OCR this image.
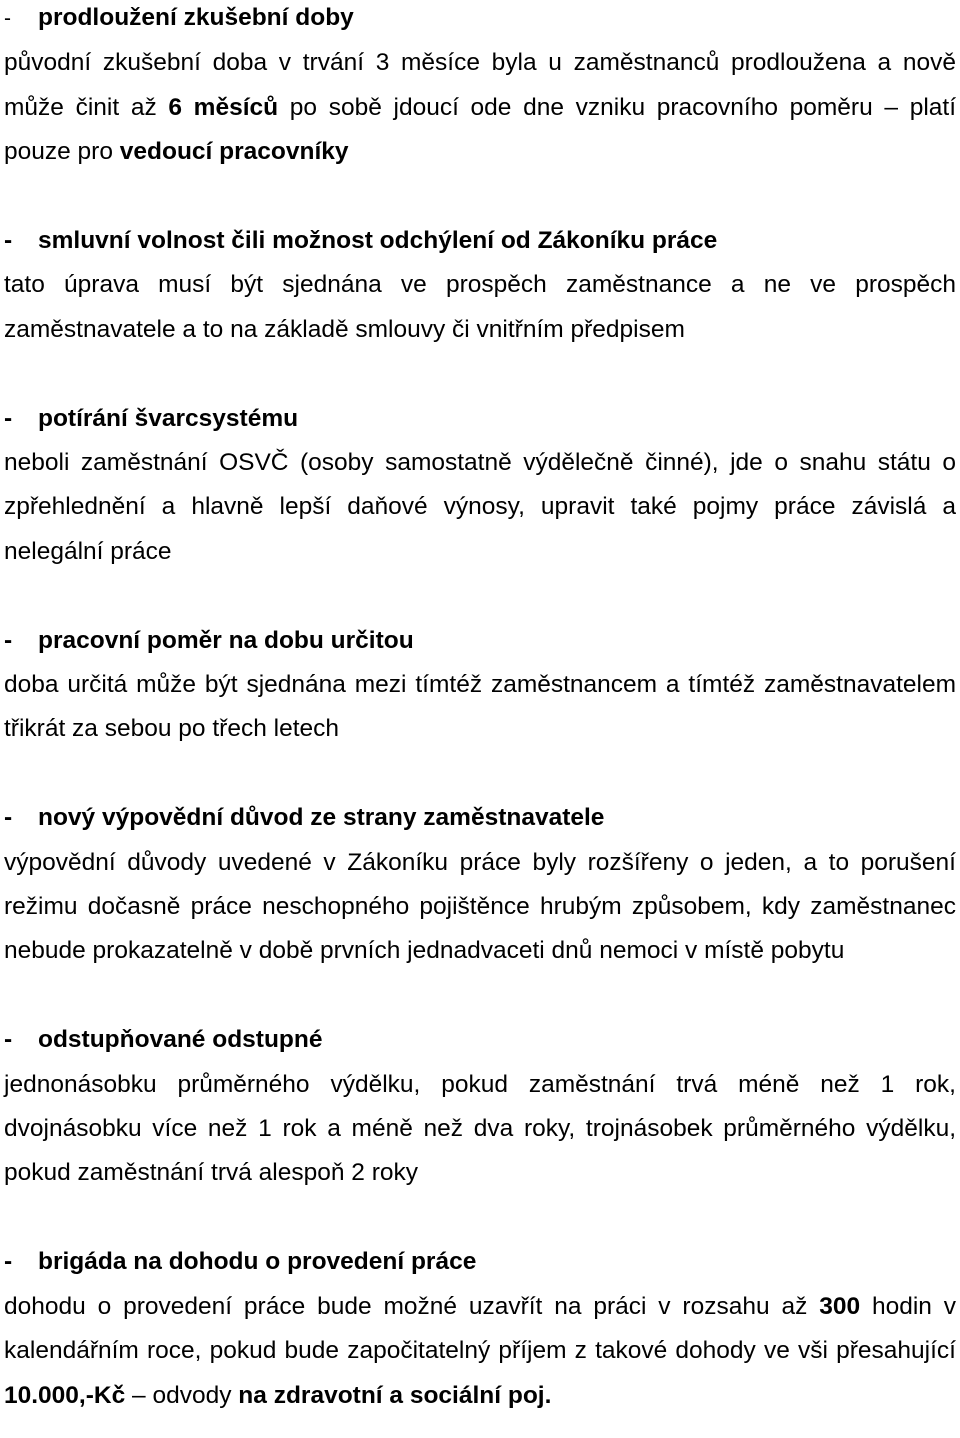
- prodloužení zkušební doby
původní zkušební doba v trvání 3 měsíce byla u zaměstnanců prodloužena a nově může činit až 6 měsíců po sobě jdoucí ode dne vzniku pracovního poměru – platí pouze pro vedoucí pracovníky
- smluvní volnost čili možnost odchýlení od Zákoníku práce
tato úprava musí být sjednána ve prospěch zaměstnance a ne ve prospěch zaměstnavatele a to na základě smlouvy či vnitřním předpisem
- potírání švarcsystému
neboli zaměstnání OSVČ (osoby samostatně výdělečně činné), jde o snahu státu o zpřehlednění a hlavně lepší daňové výnosy, upravit také pojmy práce závislá a nelegální práce
- pracovní poměr na dobu určitou
doba určitá může být sjednána mezi tímtéž zaměstnancem a tímtéž zaměstnavatelem třikrát za sebou po třech letech
- nový výpovědní důvod ze strany zaměstnavatele
výpovědní důvody uvedené v Zákoníku práce byly rozšířeny o jeden, a to porušení režimu dočasně práce neschopného pojištěnce hrubým způsobem, kdy zaměstnanec nebude prokazatelně v době prvních jednadvaceti dnů nemoci v místě pobytu
- odstupňované odstupné
jednonásobku průměrného výdělku, pokud zaměstnání trvá méně než 1 rok, dvojnásobku více než 1 rok a méně než dva roky, trojnásobek průměrného výdělku, pokud zaměstnání trvá alespoň 2 roky
- brigáda na dohodu o provedení práce
dohodu o provedení práce bude možné uzavřít na práci v rozsahu až 300 hodin v kalendářním roce, pokud bude započitatelný příjem z takové dohody ve vši přesahující 10.000,-Kč – odvody na zdravotní a sociální poj.
